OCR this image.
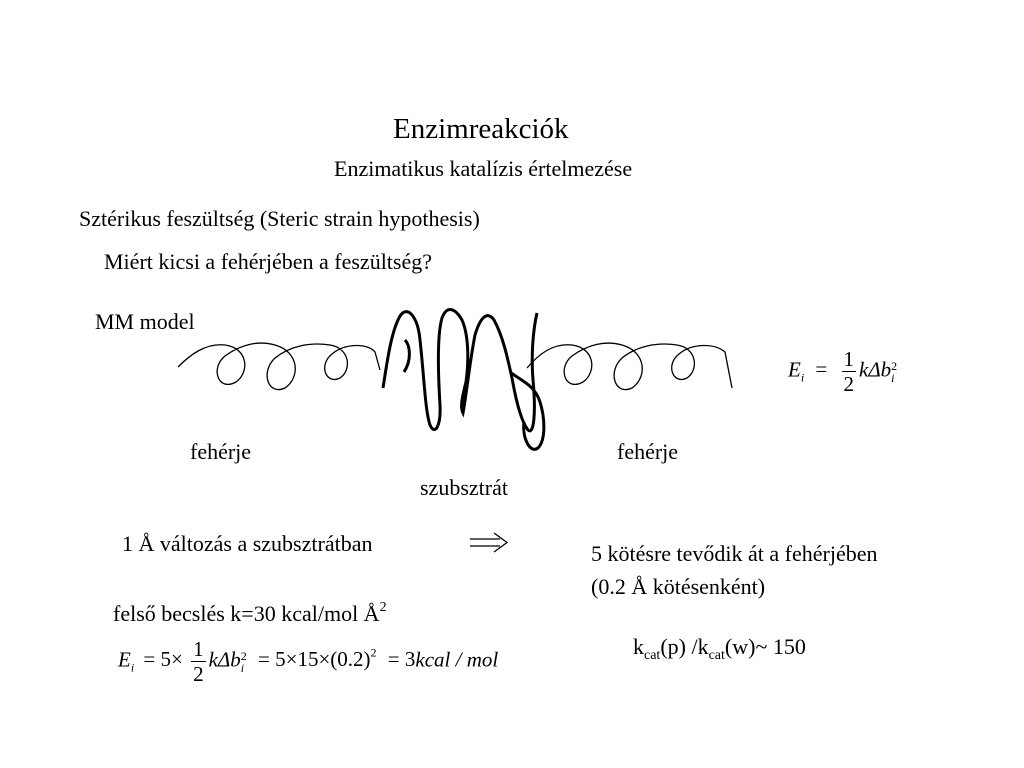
Enzimreakciók
Enzimatikus katalízis értelmezése
Sztérikus feszültség (Steric strain hypothesis)
Miért kicsi a fehérjében a feszültség?
MM model
fehérje	fehérje
szubsztrát
$E_i = \frac{1}{2}$ kΔb 2
i
1 Å változás a szubsztrátban	5 kötésre tevődik át a fehérjében
(0.2 Å kötésenként)
felső becslés k=30 kcal/mol $Å^2$
$E_i = 5\times \frac{1}{2}$ kΔb 2
$i = 5\times 15\times(0.2)^2$ = 3kcal / mol
$k_{cat}(p)$ $/k_{cat}(w)\sim$ 150
